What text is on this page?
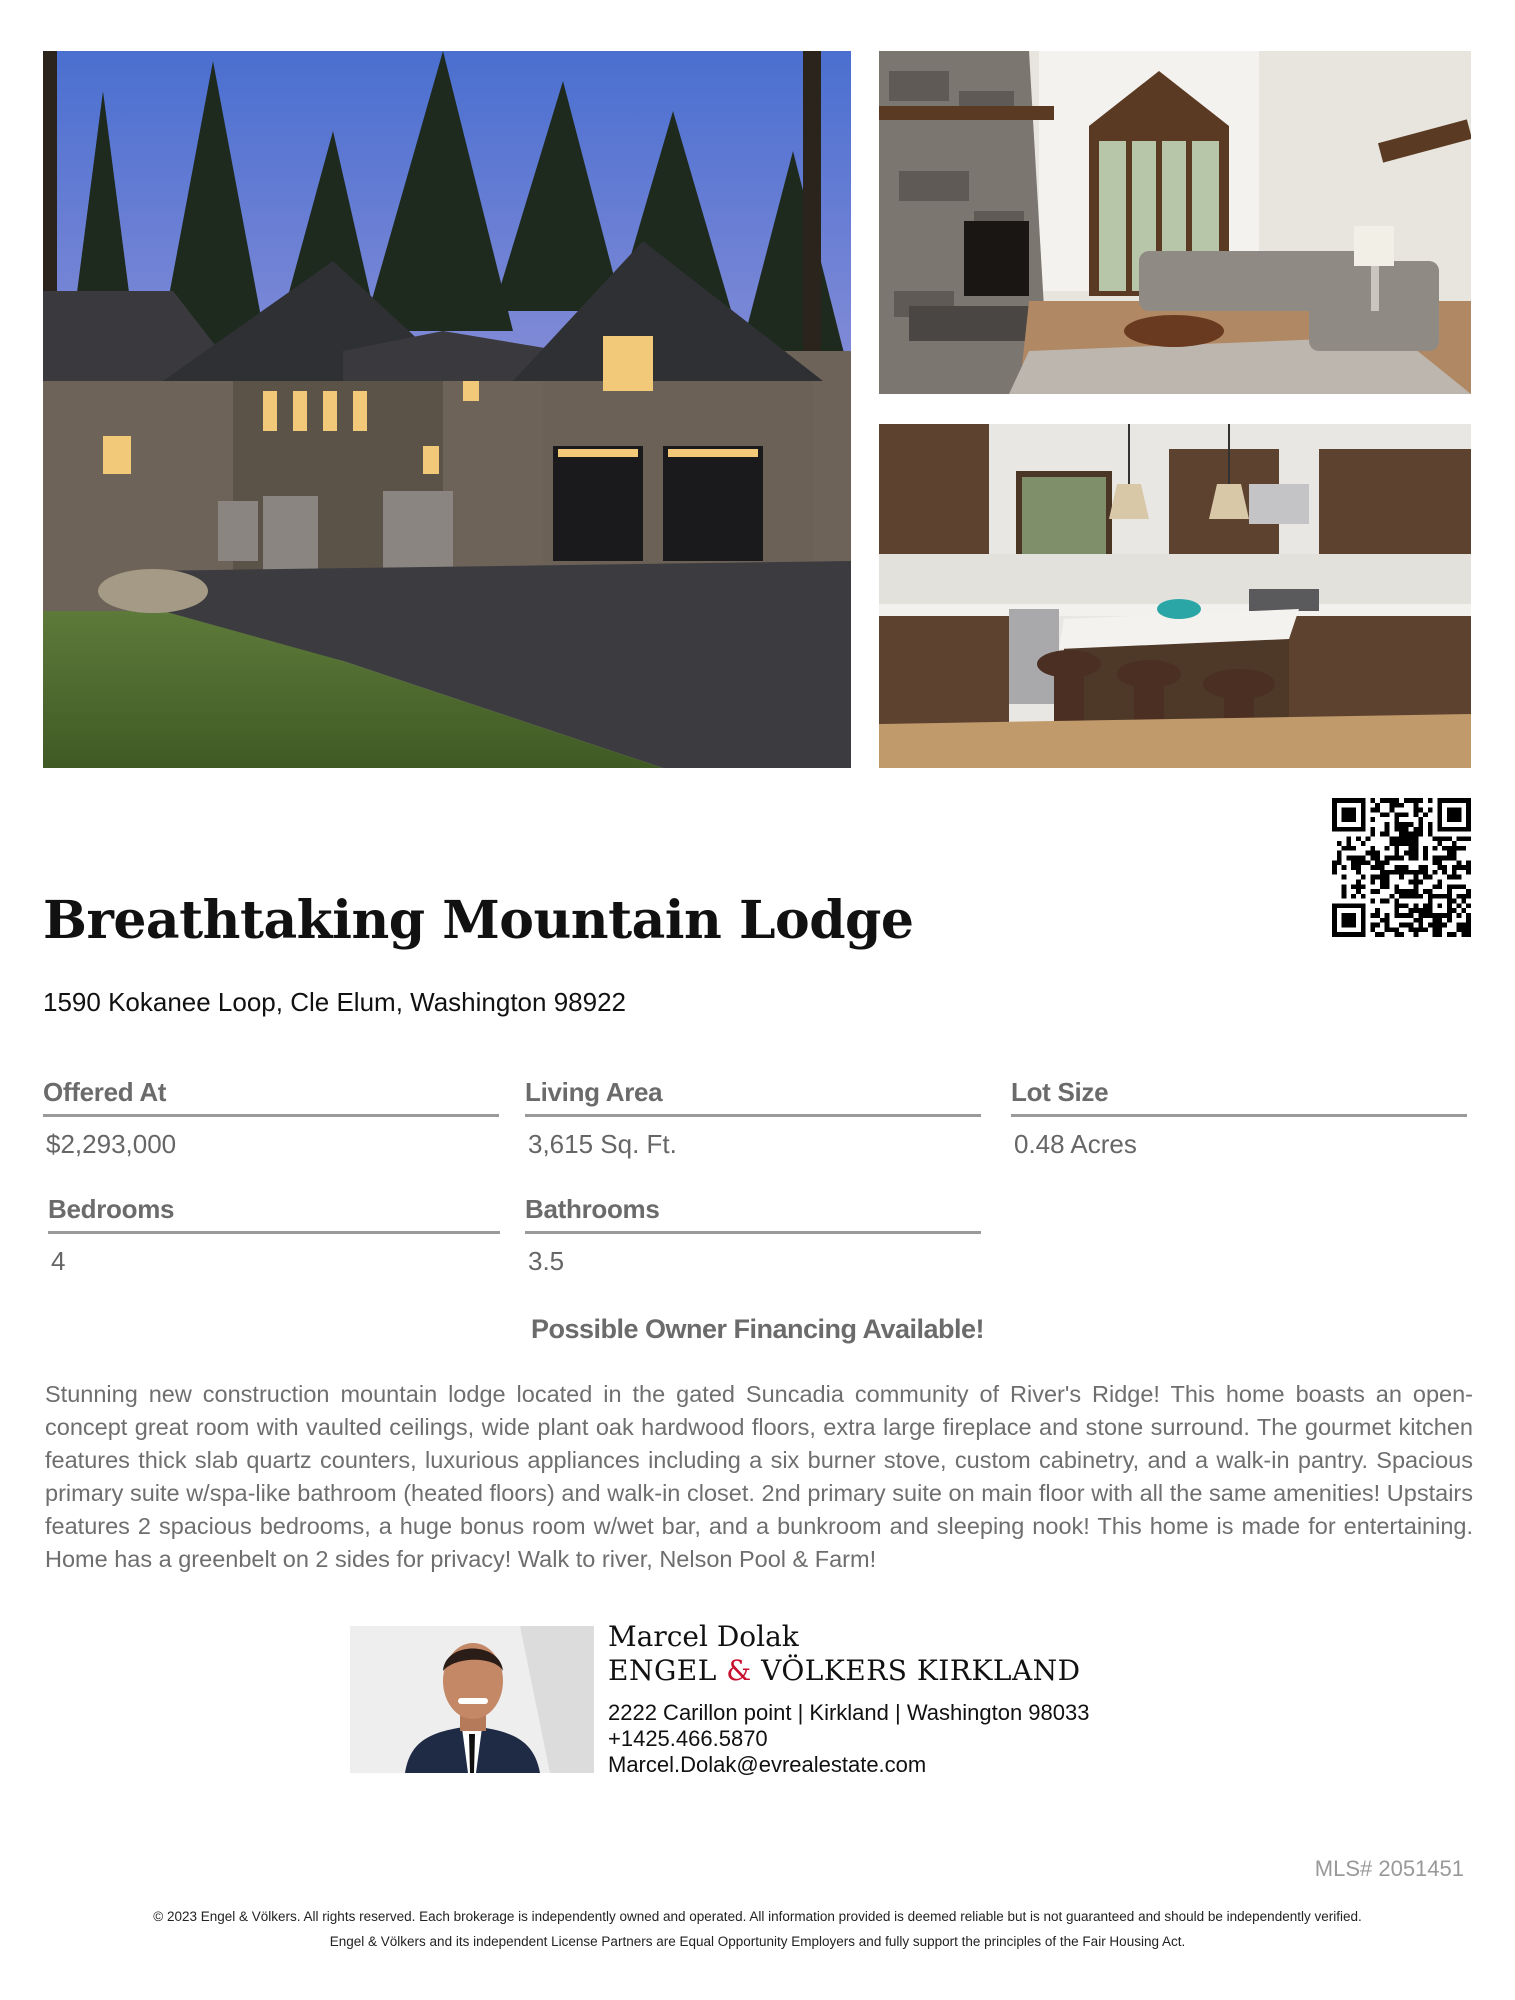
Breathtaking Mountain Lodge
1590 Kokanee Loop, Cle Elum, Washington 98922
Offered At
$2,293,000
Living Area
3,615 Sq. Ft.
Lot Size
0.48 Acres
Bedrooms
4
Bathrooms
3.5
Possible Owner Financing Available!

Stunning new construction mountain lodge located in the gated Suncadia community of River's Ridge! This home boasts an open-concept great room with vaulted ceilings, wide plant oak hardwood floors, extra large fireplace and stone surround. The gourmet kitchen features thick slab quartz counters, luxurious appliances including a six burner stove, custom cabinetry, and a walk-in pantry. Spacious primary suite w/spa-like bathroom (heated floors) and walk-in closet. 2nd primary suite on main floor with all the same amenities! Upstairs features 2 spacious bedrooms, a huge bonus room w/wet bar, and a bunkroom and sleeping nook! This home is made for entertaining. Home has a greenbelt on 2 sides for privacy! Walk to river, Nelson Pool & Farm!

Marcel Dolak
ENGEL & VÖLKERS KIRKLAND
2222 Carillon point | Kirkland | Washington 98033
+1425.466.5870
Marcel.Dolak@evrealestate.com
MLS# 2051451
© 2023 Engel & Völkers. All rights reserved. Each brokerage is independently owned and operated. All information provided is deemed reliable but is not guaranteed and should be independently verified.
Engel & Völkers and its independent License Partners are Equal Opportunity Employers and fully support the principles of the Fair Housing Act.
